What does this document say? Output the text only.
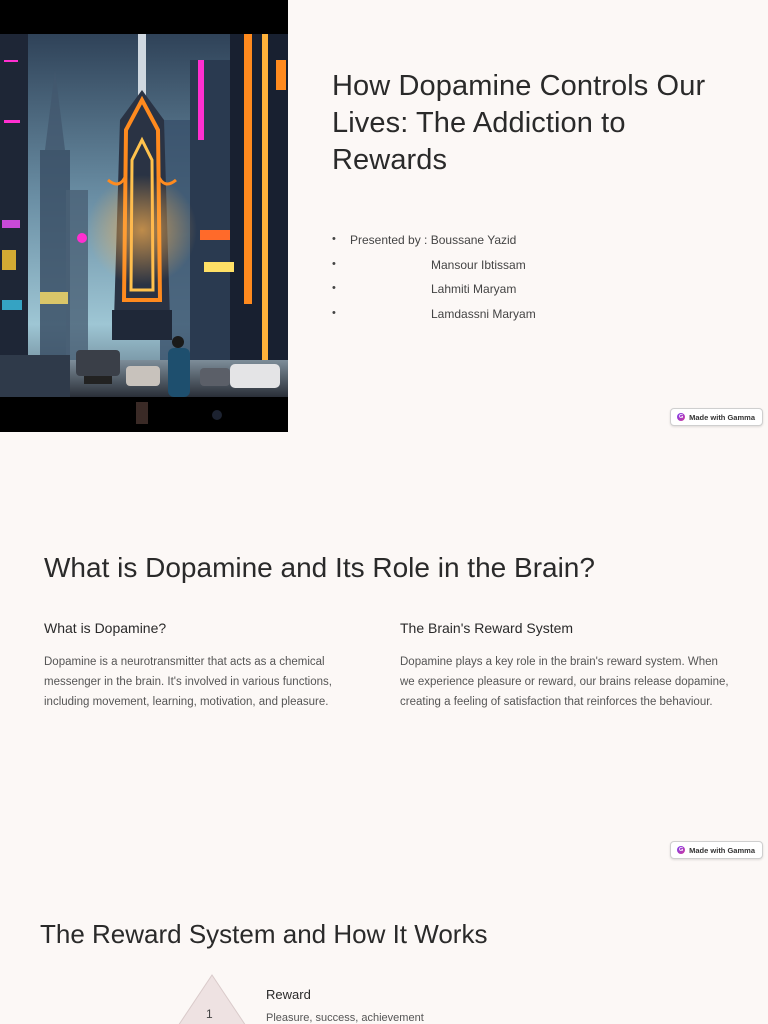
How Dopamine Controls Our Lives: The Addiction to Rewards
• Presented by : Boussane Yazid
•	Mansour Ibtissam
•	Lahmiti Maryam
•	Lamdassni Maryam
G Made with Gamma
What is Dopamine and Its Role in the Brain?
What is Dopamine?

Dopamine is a neurotransmitter that acts as a chemical messenger in the brain. It's involved in various functions, including movement, learning, motivation, and pleasure.

The Brain's Reward System

Dopamine plays a key role in the brain's reward system. When we experience pleasure or reward, our brains release dopamine, creating a feeling of satisfaction that reinforces the behaviour.

G Made with Gamma
The Reward System and How It Works
1
Reward
Pleasure, success, achievement
